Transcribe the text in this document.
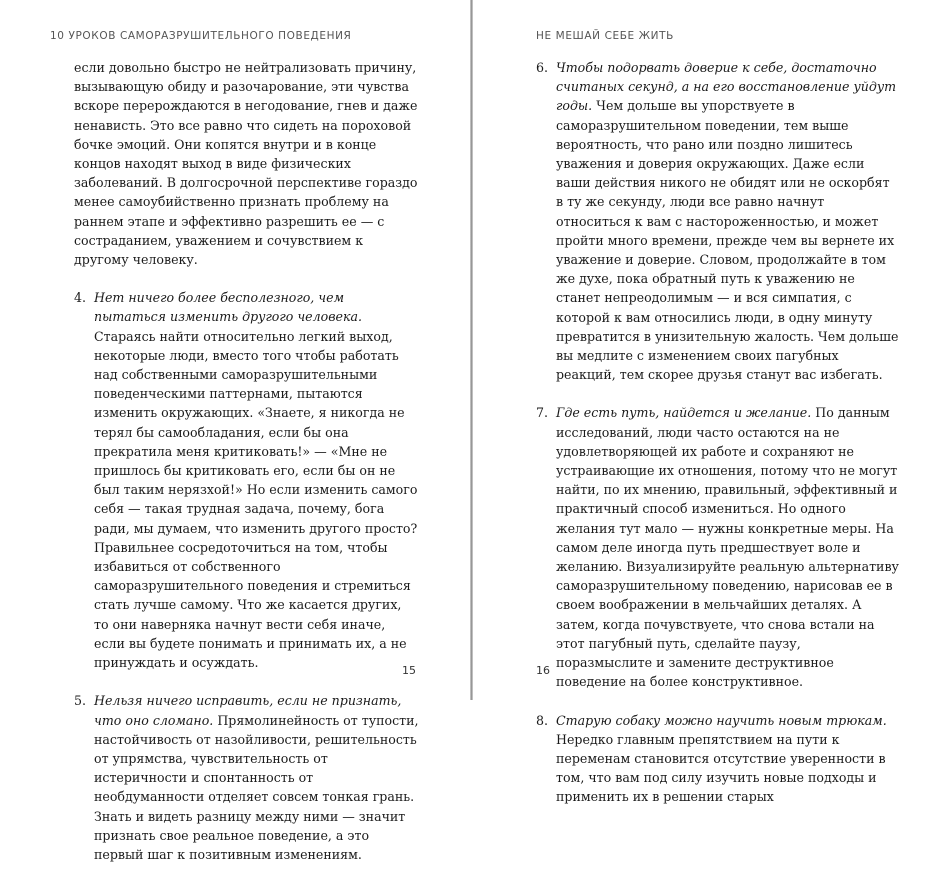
10 УРОКОВ САМОРАЗРУШИТЕЛЬНОГО ПОВЕДЕНИЯ	НЕ МЕШАЙ СЕБЕ ЖИТЬ

если довольно быстро не нейтрализовать причину, вызывающую обиду и разочарование, эти чувства вскоре перерождаются в негодование, гнев и даже ненависть. Это все равно что сидеть на пороховой бочке эмоций. Они копятся внутри и в конце концов находят выход в виде физических заболеваний. В долгосрочной перспективе гораздо менее самоубийственно признать проблему на раннем этапе и эффективно разрешить ее — с состраданием, уважением и сочувствием к другому человеку.

4. Нет ничего более бесполезного, чем пытаться изменить другого человека. Стараясь найти относительно легкий выход, некоторые люди, вместо того чтобы работать над собственными саморазрушительными поведенческими паттернами, пытаются изменить окружающих. «Знаете, я никогда не терял бы самообладания, если бы она прекратила меня критиковать!» — «Мне не пришлось бы критиковать его, если бы он не был таким нерязхой!» Но если изменить самого себя — такая трудная задача, почему, бога ради, мы думаем, что изменить другого просто? Правильнее сосредоточиться на том, чтобы избавиться от собственного саморазрушительного поведения и стремиться стать лучше самому. Что же касается других, то они наверняка начнут вести себя иначе, если вы будете понимать и принимать их, а не принуждать и осуждать.
5. Нельзя ничего исправить, если не признать, что оно сломано. Прямолинейность от тупости, настойчивость от назойливости, решительность от упрямства, чувствительность от истеричности и спонтанность от необдуманности отделяет совсем тонкая грань. Знать и видеть разницу между ними — значит признать свое реальное поведение, а это первый шаг к позитивным изменениям.
15
6. Чтобы подорвать доверие к себе, достаточно считаных секунд, а на его восстановление уйдут годы. Чем дольше вы упорствуете в саморазрушительном поведении, тем выше вероятность, что рано или поздно лишитесь уважения и доверия окружающих. Даже если ваши действия никого не обидят или не оскорбят в ту же секунду, люди все равно начнут относиться к вам с настороженностью, и может пройти много времени, прежде чем вы вернете их уважение и доверие. Словом, продолжайте в том же духе, пока обратный путь к уважению не станет непреодолимым — и вся симпатия, с которой к вам относились люди, в одну минуту превратится в унизительную жалость. Чем дольше вы медлите с изменением своих пагубных реакций, тем скорее друзья станут вас избегать.
7. Где есть путь, найдется и желание. По данным исследований, люди часто остаются на не удовлетворяющей их работе и сохраняют не устраивающие их отношения, потому что не могут найти, по их мнению, правильный, эффективный и практичный способ измениться. Но одного желания тут мало — нужны конкретные меры. На самом деле иногда путь предшествует воле и желанию. Визуализируйте реальную альтернативу саморазрушительному поведению, нарисовав ее в своем воображении в мельчайших деталях. А затем, когда почувствуете, что снова встали на этот пагубный путь, сделайте паузу, поразмыслите и замените деструктивное поведение на более конструктивное.
8. Старую собаку можно научить новым трюкам. Нередко главным препятствием на пути к переменам становится отсутствие уверенности в том, что вам под силу изучить новые подходы и применить их в решении старых
16
